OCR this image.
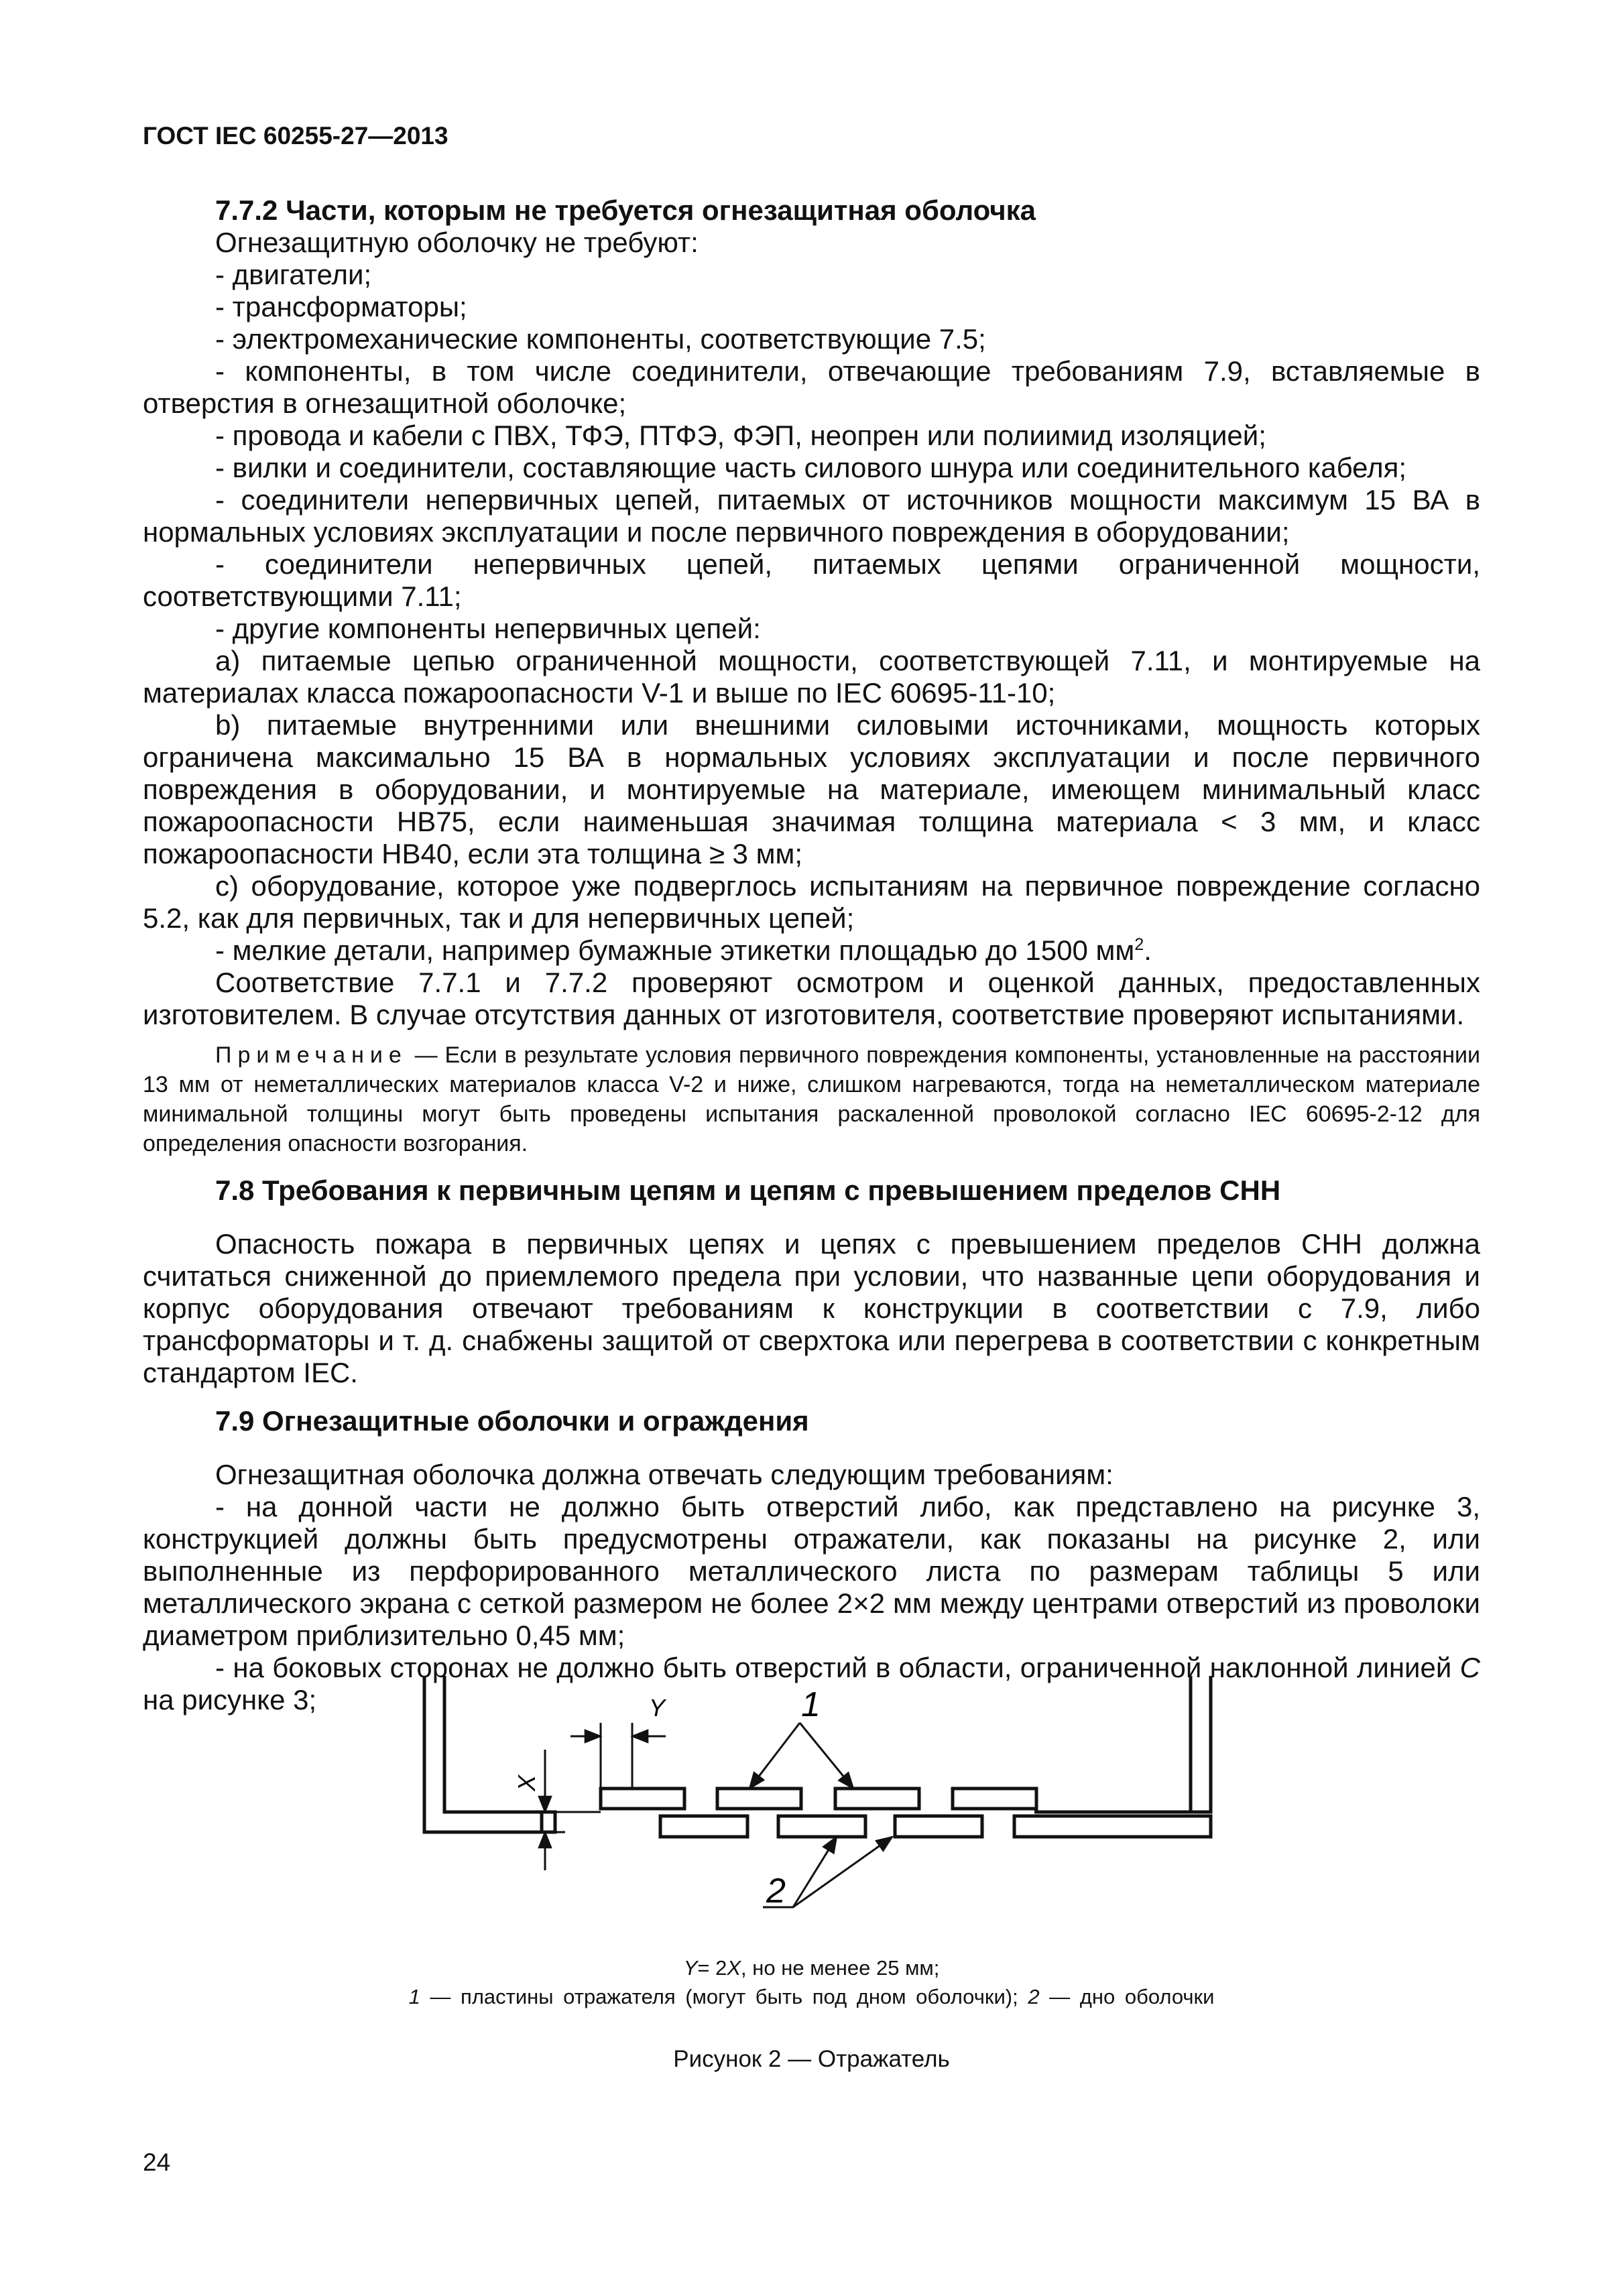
ГОСТ IEC 60255-27—2013
7.7.2 Части, которым не требуется огнезащитная оболочка

Огнезащитную оболочку не требуют:

- двигатели;

- трансформаторы;

- электромеханические компоненты, соответствующие 7.5;

- компоненты, в том числе соединители, отвечающие требованиям 7.9, вставляемые в отверстия в огнезащитной оболочке;

- провода и кабели с ПВХ, ТФЭ, ПТФЭ, ФЭП, неопрен или полиимид изоляцией;

- вилки и соединители, составляющие часть силового шнура или соединительного кабеля;

- соединители непервичных цепей, питаемых от источников мощности максимум 15 ВА в нормальных условиях эксплуатации и после первичного повреждения в оборудовании;

- соединители непервичных цепей, питаемых цепями ограниченной мощности, соответствующими 7.11;

- другие компоненты непервичных цепей:

a) питаемые цепью ограниченной мощности, соответствующей 7.11, и монтируемые на материалах класса пожароопасности V-1 и выше по IEC 60695-11-10;

b) питаемые внутренними или внешними силовыми источниками, мощность которых ограничена максимально 15 ВА в нормальных условиях эксплуатации и после первичного повреждения в оборудовании, и монтируемые на материале, имеющем минимальный класс пожароопасности HB75, если наименьшая значимая толщина материала < 3 мм, и класс пожароопасности HB40, если эта толщина ≥ 3 мм;

c) оборудование, которое уже подверглось испытаниям на первичное повреждение согласно 5.2, как для первичных, так и для непервичных цепей;

- мелкие детали, например бумажные этикетки площадью до 1500 $мм^2$.

Соответствие 7.7.1 и 7.7.2 проверяют осмотром и оценкой данных, предоставленных изготовителем. В случае отсутствия данных от изготовителя, соответствие проверяют испытаниями.

Примечание — Если в результате условия первичного повреждения компоненты, установленные на расстоянии 13 мм от неметаллических материалов класса V-2 и ниже, слишком нагреваются, тогда на неметаллическом материале минимальной толщины могут быть проведены испытания раскаленной проволокой согласно IEC 60695-2-12 для определения опасности возгорания.

7.8 Требования к первичным цепям и цепям с превышением пределов СНН

Опасность пожара в первичных цепях и цепях с превышением пределов СНН должна считаться сниженной до приемлемого предела при условии, что названные цепи оборудования и корпус оборудования отвечают требованиям к конструкции в соответствии с 7.9, либо трансформаторы и т. д. снабжены защитой от сверхтока или перегрева в соответствии с конкретным стандартом IEC.

7.9 Огнезащитные оболочки и ограждения

Огнезащитная оболочка должна отвечать следующим требованиям:

- на донной части не должно быть отверстий либо, как представлено на рисунке 3, конструкцией должны быть предусмотрены отражатели, как показаны на рисунке 2, или выполненные из перфорированного металлического листа по размерам таблицы 5 или металлического экрана с сеткой размером не более 2×2 мм между центрами отверстий из проволоки диаметром приблизительно 0,45 мм;

- на боковых сторонах не должно быть отверстий в области, ограниченной наклонной линией C на рисунке 3;	Y
X
1
2
Y= 2X, но не менее 25 мм;
1 — пластины отражателя (могут быть под дном оболочки); 2 — дно оболочки
Рисунок 2 — Отражатель
24
